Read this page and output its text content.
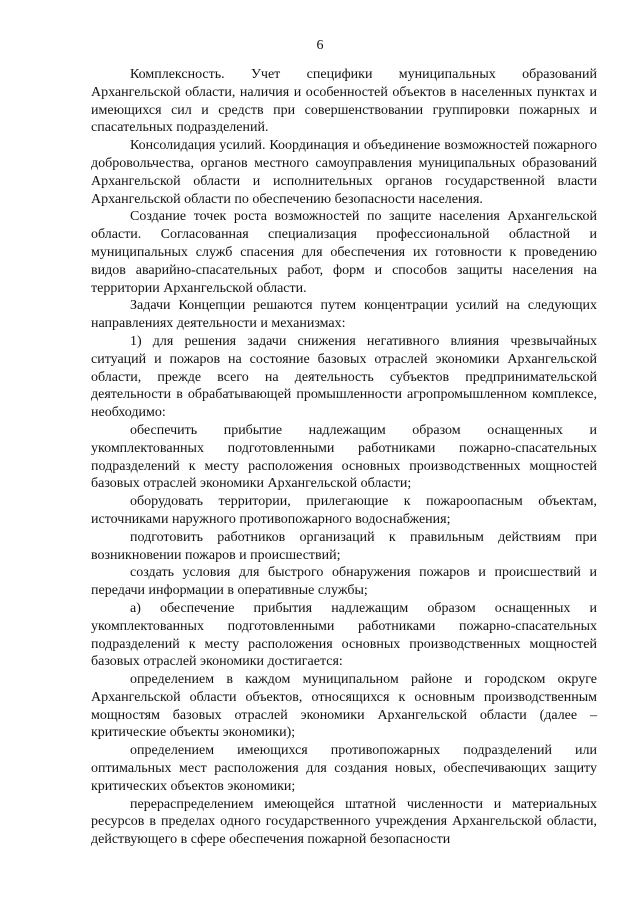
6

Комплексность. Учет специфики муниципальных образований Архангельской области, наличия и особенностей объектов в населенных пунктах и имеющихся сил и средств при совершенствовании группировки пожарных и спасательных подразделений.

Консолидация усилий. Координация и объединение возможностей пожарного добровольчества, органов местного самоуправления муниципальных образований Архангельской области и исполнительных органов государственной власти Архангельской области по обеспечению безопасности населения.

Создание точек роста возможностей по защите населения Архангельской области. Согласованная специализация профессиональной областной и муниципальных служб спасения для обеспечения их готовности к проведению видов аварийно-спасательных работ, форм и способов защиты населения на территории Архангельской области.

Задачи Концепции решаются путем концентрации усилий на следующих направлениях деятельности и механизмах:

1) для решения задачи снижения негативного влияния чрезвычайных ситуаций и пожаров на состояние базовых отраслей экономики Архангельской области, прежде всего на деятельность субъектов предпринимательской деятельности в обрабатывающей промышленности агропромышленном комплексе, необходимо:

обеспечить прибытие надлежащим образом оснащенных и укомплектованных подготовленными работниками пожарно-спасательных подразделений к месту расположения основных производственных мощностей базовых отраслей экономики Архангельской области;

оборудовать территории, прилегающие к пожароопасным объектам, источниками наружного противопожарного водоснабжения;

подготовить работников организаций к правильным действиям при возникновении пожаров и происшествий;

создать условия для быстрого обнаружения пожаров и происшествий и передачи информации в оперативные службы;

а) обеспечение прибытия надлежащим образом оснащенных и укомплектованных подготовленными работниками пожарно-спасательных подразделений к месту расположения основных производственных мощностей базовых отраслей экономики достигается:

определением в каждом муниципальном районе и городском округе Архангельской области объектов, относящихся к основным производственным мощностям базовых отраслей экономики Архангельской области (далее – критические объекты экономики);

определением имеющихся противопожарных подразделений или оптимальных мест расположения для создания новых, обеспечивающих защиту критических объектов экономики;

перераспределением имеющейся штатной численности и материальных ресурсов в пределах одного государственного учреждения Архангельской области, действующего в сфере обеспечения пожарной безопасности
